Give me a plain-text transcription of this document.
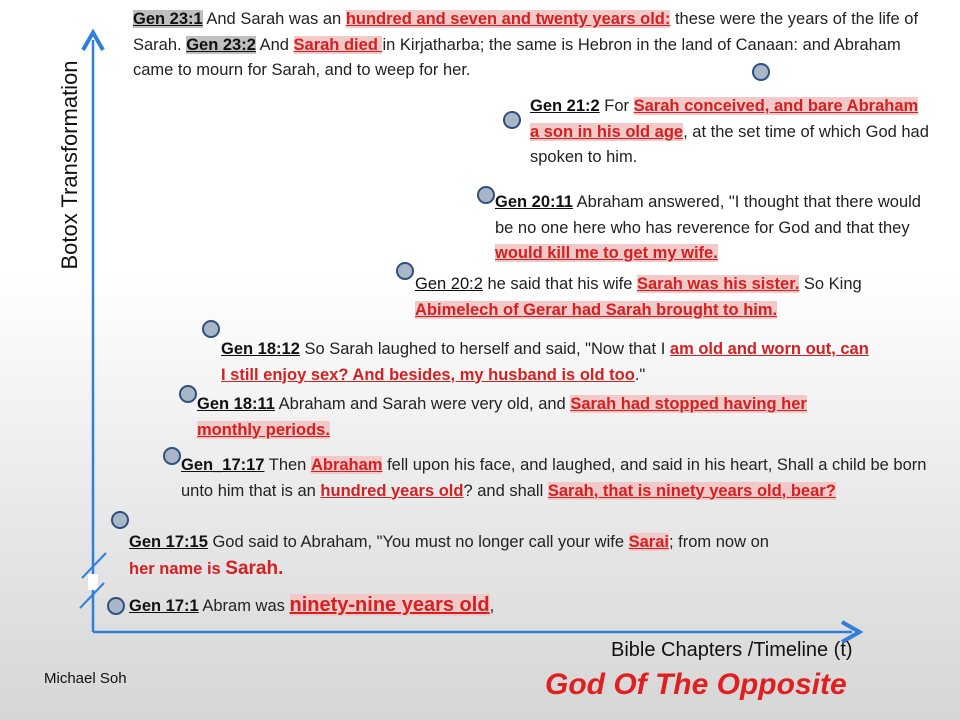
Botox Transformation
Gen 23:1 And Sarah was an hundred and seven and twenty years old: these were the years of the life of Sarah. Gen 23:2 And Sarah died in Kirjatharba; the same is Hebron in the land of Canaan: and Abraham came to mourn for Sarah, and to weep for her.
Gen 21:2 For Sarah conceived, and bare Abraham a son in his old age, at the set time of which God had spoken to him.
Gen 20:11 Abraham answered, "I thought that there would be no one here who has reverence for God and that they would kill me to get my wife.
Gen 20:2 he said that his wife Sarah was his sister. So King Abimelech of Gerar had Sarah brought to him.
Gen 18:12 So Sarah laughed to herself and said, "Now that I am old and worn out, can I still enjoy sex? And besides, my husband is old too."
Gen 18:11 Abraham and Sarah were very old, and Sarah had stopped having her monthly periods.
Gen_17:17 Then Abraham fell upon his face, and laughed, and said in his heart, Shall a child be born unto him that is an hundred years old? and shall Sarah, that is ninety years old, bear?
Gen 17:15 God said to Abraham, "You must no longer call your wife Sarai; from now on
her name is Sarah.
Gen 17:1 Abram was ninety-nine years old,
Bible Chapters /Timeline (t)
Michael Soh	God Of The Opposite
